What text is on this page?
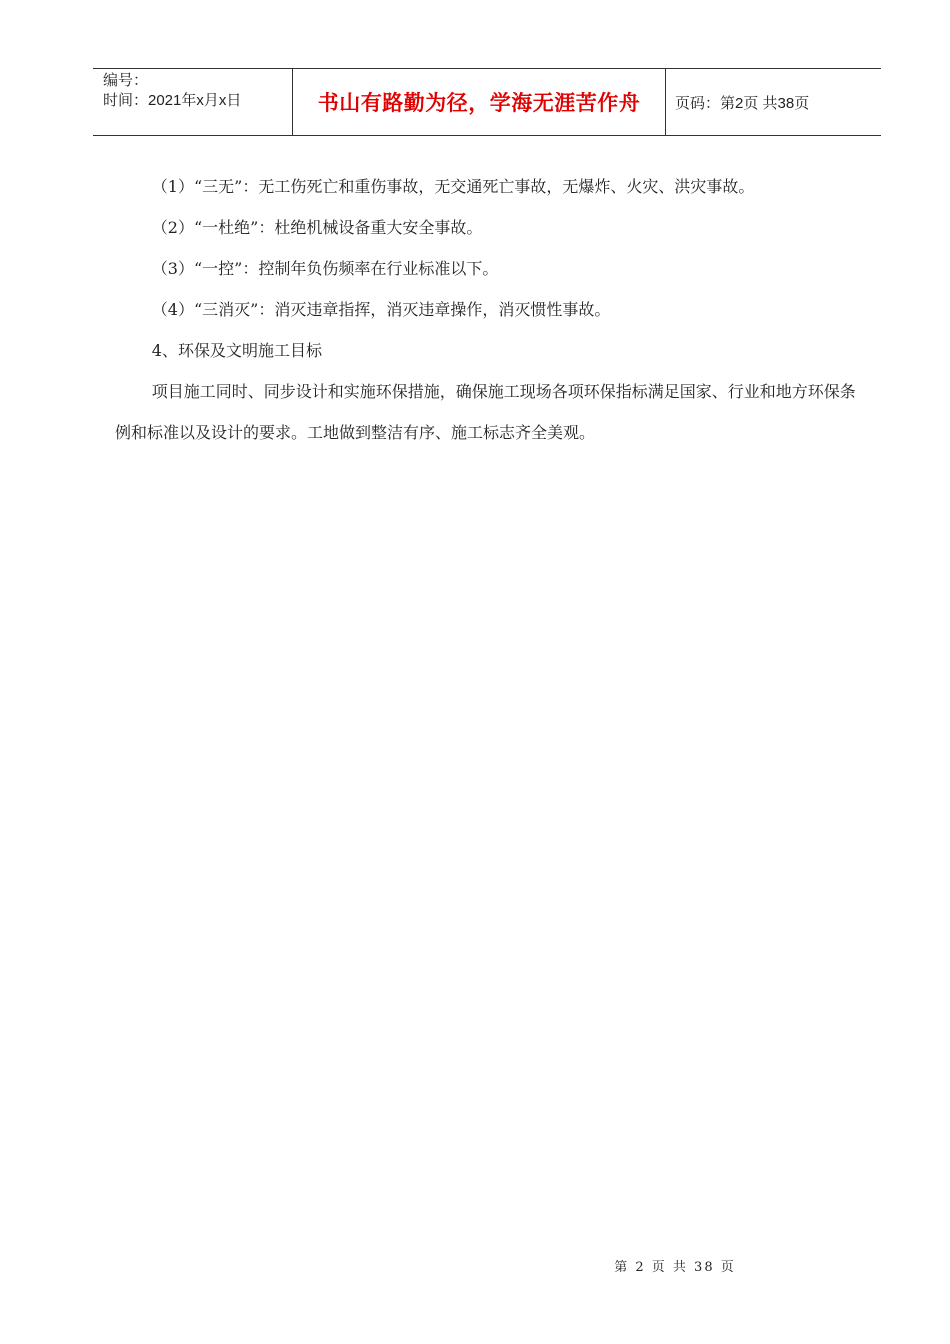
编号：
时间：2021年x月x日	书山有路勤为径，学海无涯苦作舟	页码：第2页 共38页

（1）“三无”：无工伤死亡和重伤事故，无交通死亡事故，无爆炸、火灾、洪灾事故。

（2）“一杜绝”：杜绝机械设备重大安全事故。

（3）“一控”：控制年负伤频率在行业标准以下。

（4）“三消灭”：消灭违章指挥，消灭违章操作，消灭惯性事故。

4、环保及文明施工目标

项目施工同时、同步设计和实施环保措施，确保施工现场各项环保指标满足国家、行业和地方环保条例和标准以及设计的要求。工地做到整洁有序、施工标志齐全美观。

第 2 页 共 38 页
